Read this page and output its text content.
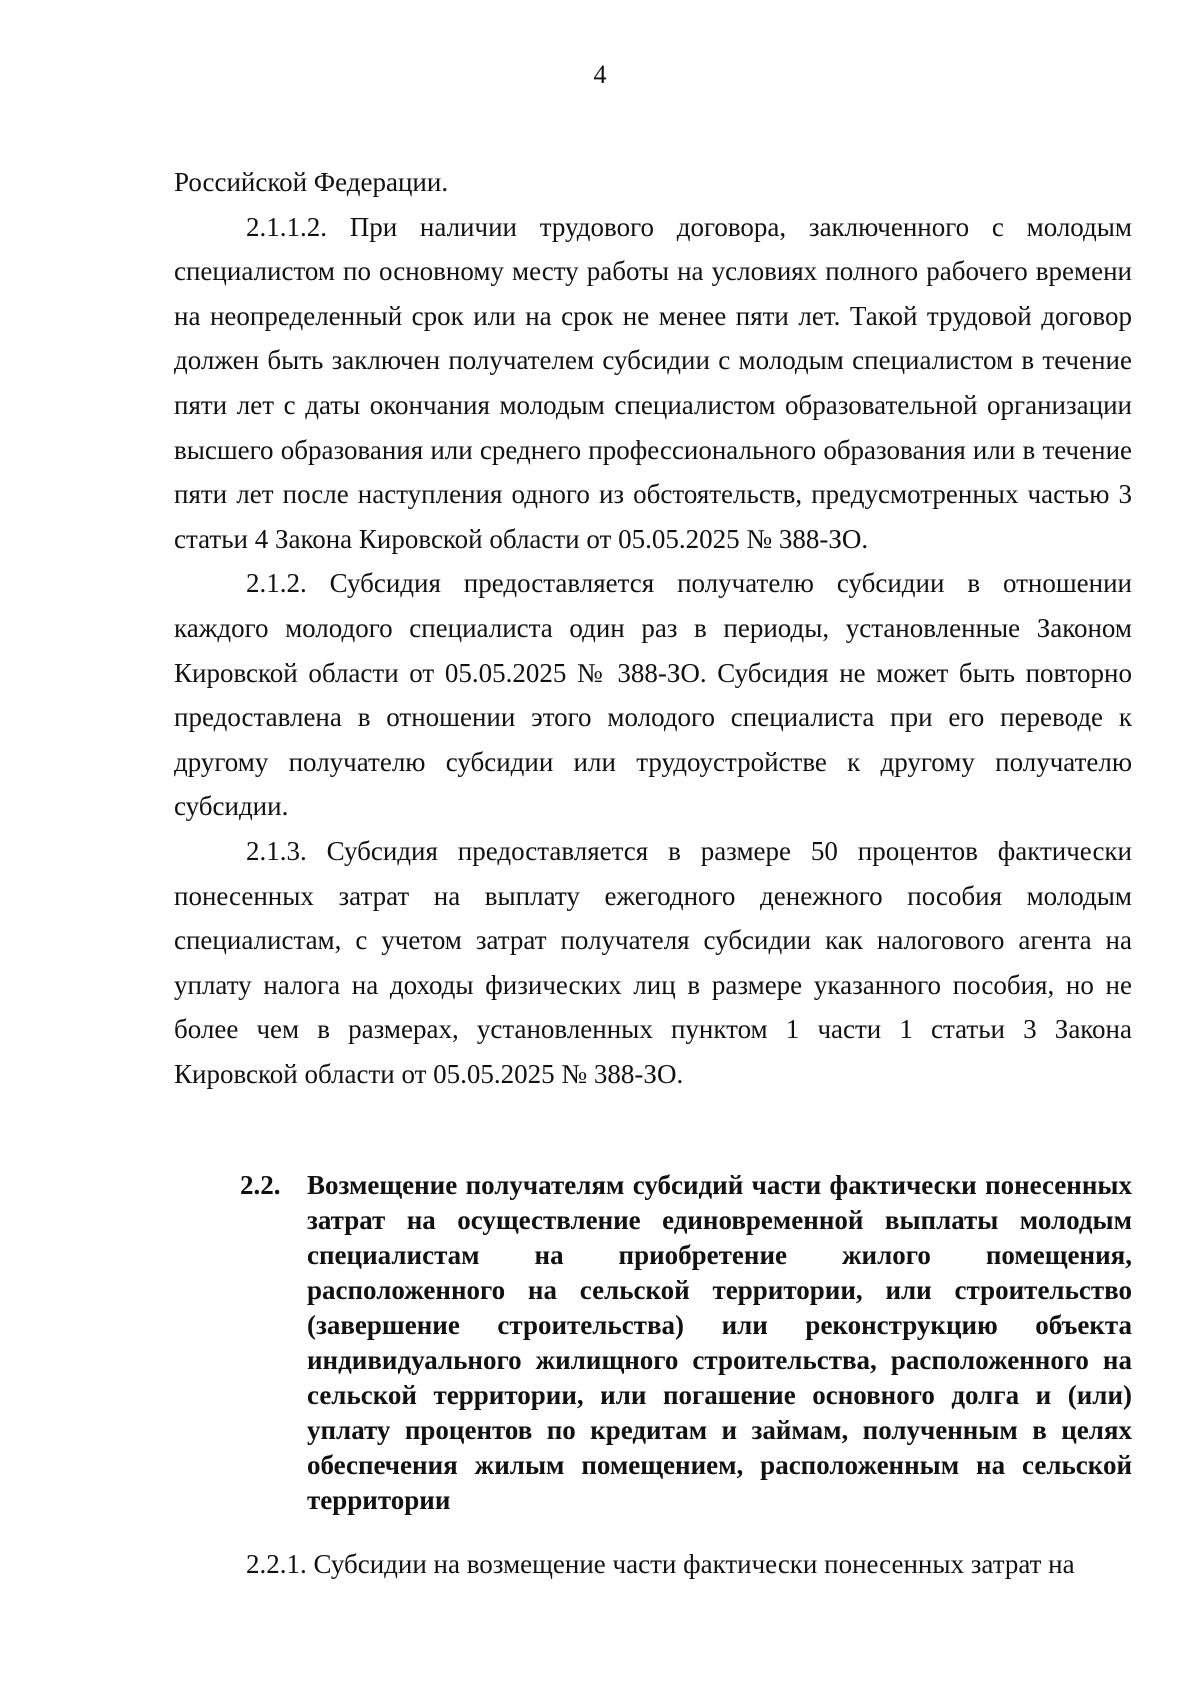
4

Российской Федерации.

2.1.1.2. При наличии трудового договора, заключенного с молодым специалистом по основному месту работы на условиях полного рабочего времени на неопределенный срок или на срок не менее пяти лет. Такой трудовой договор должен быть заключен получателем субсидии с молодым специалистом в течение пяти лет с даты окончания молодым специалистом образовательной организации высшего образования или среднего профессионального образования или в течение пяти лет после наступления одного из обстоятельств, предусмотренных частью 3 статьи 4 Закона Кировской области от 05.05.2025 № 388-ЗО.

2.1.2. Субсидия предоставляется получателю субсидии в отношении каждого молодого специалиста один раз в периоды, установленные Законом Кировской области от 05.05.2025 № 388-ЗО. Субсидия не может быть повторно предоставлена в отношении этого молодого специалиста при его переводе к другому получателю субсидии или трудоустройстве к другому получателю субсидии.

2.1.3. Субсидия предоставляется в размере 50 процентов фактически понесенных затрат на выплату ежегодного денежного пособия молодым специалистам, с учетом затрат получателя субсидии как налогового агента на уплату налога на доходы физических лиц в размере указанного пособия, но не более чем в размерах, установленных пунктом 1 части 1 статьи 3 Закона Кировской области от 05.05.2025 № 388-ЗО.

2.2. Возмещение получателям субсидий части фактически понесенных затрат на осуществление единовременной выплаты молодым специалистам на приобретение жилого помещения, расположенного на сельской территории, или строительство (завершение строительства) или реконструкцию объекта индивидуального жилищного строительства, расположенного на сельской территории, или погашение основного долга и (или) уплату процентов по кредитам и займам, полученным в целях обеспечения жилым помещением, расположенным на сельской территории

2.2.1. Субсидии на возмещение части фактически понесенных затрат на
